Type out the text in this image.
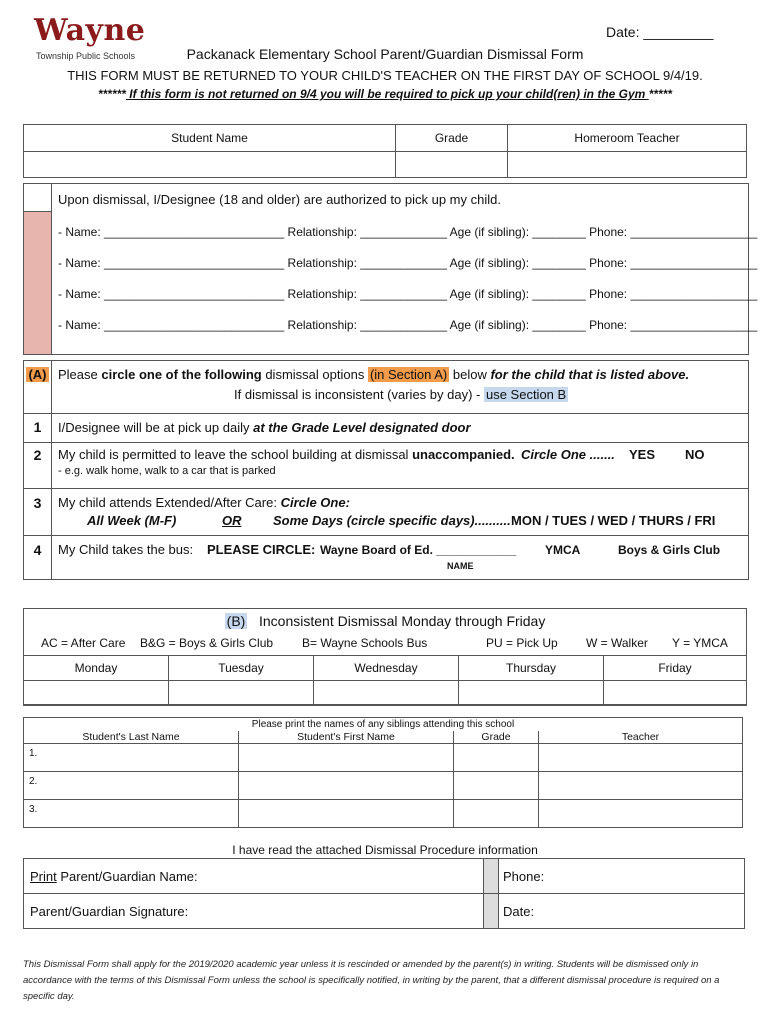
Wayne
Township Public Schools
Date: _________
Packanack Elementary School Parent/Guardian Dismissal Form
THIS FORM MUST BE RETURNED TO YOUR CHILD'S TEACHER ON THE FIRST DAY OF SCHOOL 9/4/19.
****** If this form is not returned on 9/4 you will be required to pick up your child(ren) in the Gym *****
Student Name	Grade	Homeroom Teacher

Upon dismissal, I/Designee (18 and older) are authorized to pick up my child.
- Name: ___________________________ Relationship: _____________ Age (if sibling): ________ Phone: ___________________
- Name: ___________________________ Relationship: _____________ Age (if sibling): ________ Phone: ___________________
- Name: ___________________________ Relationship: _____________ Age (if sibling): ________ Phone: ___________________
- Name: ___________________________ Relationship: _____________ Age (if sibling): ________ Phone: ___________________
(A) Please circle one of the following dismissal options (in Section A) below for the child that is listed above.
If dismissal is inconsistent (varies by day) - use Section B
1	I/Designee will be at pick up daily at the Grade Level designated door
2	My child is permitted to leave the school building at dismissal unaccompanied. Circle One ....... YES NO
- e.g. walk home, walk to a car that is parked
3	My child attends Extended/After Care: Circle One:
All Week (M-F)	OR Some Days (circle specific days).......... MON / TUES / WED / THURS / FRI
4	My Child takes the bus: PLEASE CIRCLE: Wayne Board of Ed. ____________
NAME
YMCA	Boys & Girls Club
(B) Inconsistent Dismissal Monday through Friday
AC = After Care B&G = Boys & Girls Club B= Wayne Schools Bus	PU = Pick Up W = Walker Y = YMCA
Monday	Tuesday	Wednesday	Thursday	Friday

Please print the names of any siblings attending this school			
Student's Last Name	Student's First Name	Grade	Teacher
1.			
2.			
3.			
I have read the attached Dismissal Procedure information
Print Parent/Guardian Name:		Phone:
Parent/Guardian Signature:		Date:
This Dismissal Form shall apply for the 2019/2020 academic year unless it is rescinded or amended by the parent(s) in writing. Students will be dismissed only in accordance with the terms of this Dismissal Form unless the school is specifically notified, in writing by the parent, that a different dismissal procedure is required on a specific day.
